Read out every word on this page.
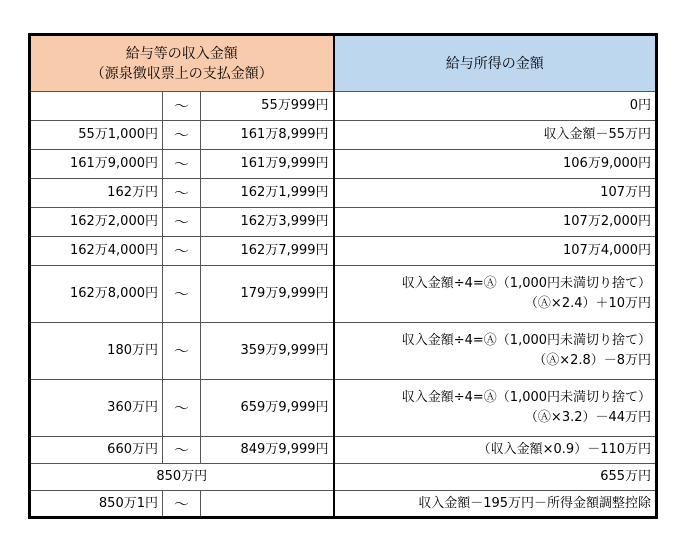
給与等の収入金額
（源泉徴収票上の支払金額）			給与所得の金額
	～	55万999円	0円
55万1,000円	～	161万8,999円	収入金額－55万円
161万9,000円	～	161万9,999円	106万9,000円
162万円	～	162万1,999円	107万円
162万2,000円	～	162万3,999円	107万2,000円
162万4,000円	～	162万7,999円	107万4,000円
162万8,000円	～	179万9,999円	収入金額÷4=Ⓐ（1,000円未満切り捨て）
（Ⓐ×2.4）＋10万円

180万円	～	359万9,999円	収入金額÷4=Ⓐ（1,000円未満切り捨て）
（Ⓐ×2.8）－8万円

360万円	～	659万9,999円	収入金額÷4=Ⓐ（1,000円未満切り捨て）
（Ⓐ×3.2）－44万円

660万円	～	849万9,999円	（収入金額×0.9）－110万円
850万円			655万円
850万1円	～		収入金額－195万円－所得金額調整控除
